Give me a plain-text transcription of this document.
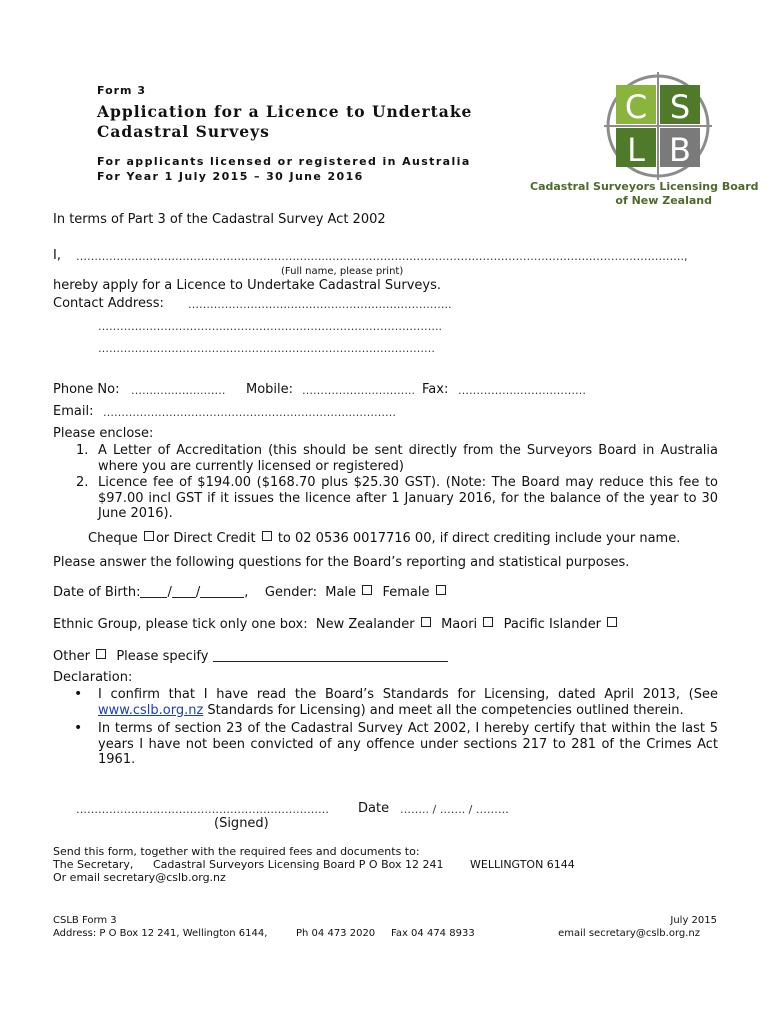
Form 3
Application for a Licence to Undertake
Cadastral Surveys
For applicants licensed or registered in Australia
For Year 1 July 2015 – 30 June 2016
C S
L B
Cadastral Surveyors Licensing Board
of New Zealand
In terms of Part 3 of the Cadastral Survey Act 2002
I, ……………………………………………………….…..…………………………………………………………………………………….,
(Full name, please print)
hereby apply for a Licence to Undertake Cadastral Surveys.
Contact Address: ……………………….……………………………………..
……………………………..…………………………………………………..
……………………………..…………………………………………………
Phone No: …….…..……..…… Mobile: ………………..……….. Fax: ……………..………………
Email: …………………………………………………………..…………
Please enclose:
1. A Letter of Accreditation (this should be sent directly from the Surveyors Board in Australia where you are currently licensed or registered)
2. Licence fee of $194.00 ($168.70 plus $25.30 GST). (Note: The Board may reduce this fee to $97.00 incl GST if it issues the licence after 1 January 2016, for the balance of the year to 30 June 2016).
Cheque or Direct Credit to 02 0536 0017716 00, if direct crediting include your name.
Please answer the following questions for the Board’s reporting and statistical purposes.
Date of Birth: / /	,    Gender: Male Female
Ethnic Group, please tick only one box: New Zealander Maori Pacific Islander
Other Please specify
Declaration:
• I confirm that I have read the Board’s Standards for Licensing, dated April 2013, (See www.cslb.org.nz Standards for Licensing) and meet all the competencies outlined therein.
• In terms of section 23 of the Cadastral Survey Act 2002, I hereby certify that within the last 5 years I have not been convicted of any offence under sections 217 to 281 of the Crimes Act 1961.
……………………………………………………………
(Signed)
Date …….. / ……. / ………
Send this form, together with the required fees and documents to:
The Secretary, Cadastral Surveyors Licensing Board P O Box 12 241 WELLINGTON 6144
Or email secretary@cslb.org.nz
CSLB Form 3
Address: P O Box 12 241, Wellington 6144,	Ph 04 473 2020 Fax 04 474 8933
July 2015
email secretary@cslb.org.nz
